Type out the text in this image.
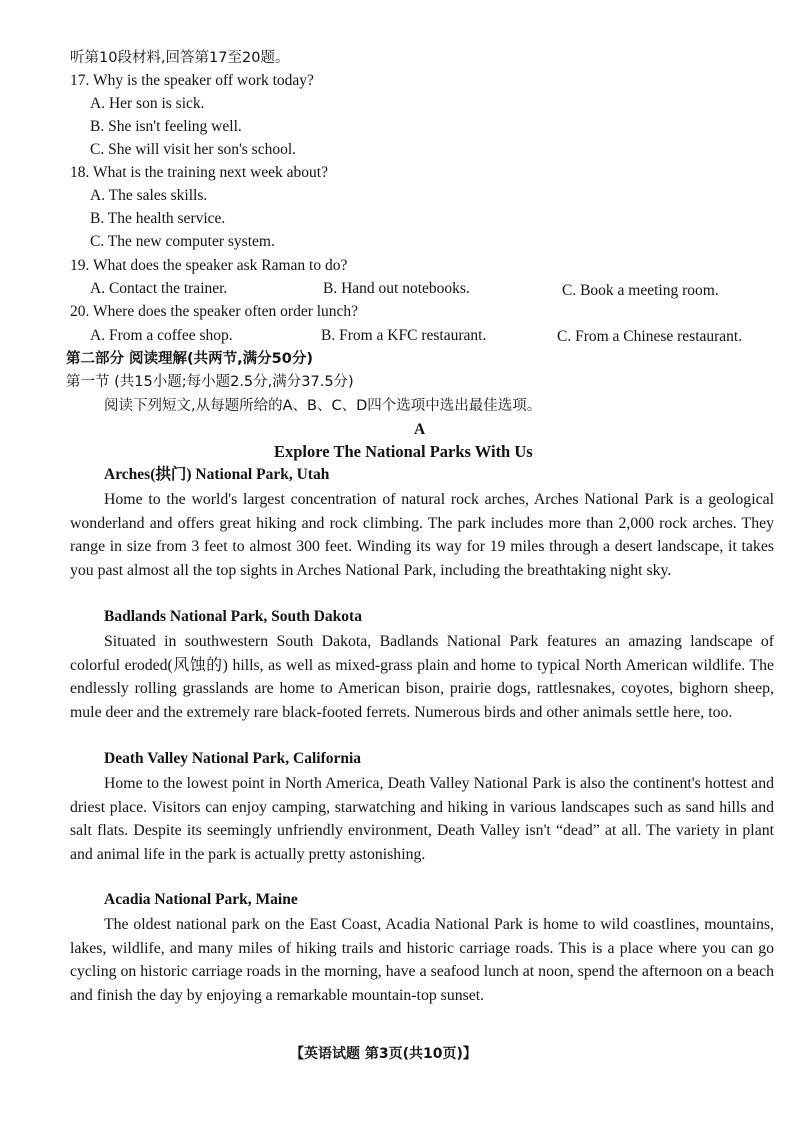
听第10段材料,回答第17至20题。
17. Why is the speaker off work today?
A. Her son is sick.
B. She isn't feeling well.
C. She will visit her son's school.
18. What is the training next week about?
A. The sales skills.
B. The health service.
C. The new computer system.
19. What does the speaker ask Raman to do?
A. Contact the trainer.	B. Hand out notebooks.	C. Book a meeting room.
20. Where does the speaker often order lunch?
A. From a coffee shop.	B. From a KFC restaurant.	C. From a Chinese restaurant.
第二部分 阅读理解(共两节,满分50分)
第一节 (共15小题;每小题2.5分,满分37.5分)
阅读下列短文,从每题所给的A、B、C、D四个选项中选出最佳选项。
A
Explore The National Parks With Us
Arches(拱门) National Park, Utah

Home to the world's largest concentration of natural rock arches, Arches National Park is a geological wonderland and offers great hiking and rock climbing. The park includes more than 2,000 rock arches. They range in size from 3 feet to almost 300 feet. Winding its way for 19 miles through a desert landscape, it takes you past almost all the top sights in Arches National Park, including the breathtaking night sky.

Badlands National Park, South Dakota

Situated in southwestern South Dakota, Badlands National Park features an amazing landscape of colorful eroded(风蚀的) hills, as well as mixed-grass plain and home to typical North American wildlife. The endlessly rolling grasslands are home to American bison, prairie dogs, rattlesnakes, coyotes, bighorn sheep, mule deer and the extremely rare black-footed ferrets. Numerous birds and other animals settle here, too.

Death Valley National Park, California

Home to the lowest point in North America, Death Valley National Park is also the continent's hottest and driest place. Visitors can enjoy camping, starwatching and hiking in various landscapes such as sand hills and salt flats. Despite its seemingly unfriendly environment, Death Valley isn't “dead” at all. The variety in plant and animal life in the park is actually pretty astonishing.

Acadia National Park, Maine

The oldest national park on the East Coast, Acadia National Park is home to wild coastlines, mountains, lakes, wildlife, and many miles of hiking trails and historic carriage roads. This is a place where you can go cycling on historic carriage roads in the morning, have a seafood lunch at noon, spend the afternoon on a beach and finish the day by enjoying a remarkable mountain-top sunset.

【英语试题 第3页(共10页)】
